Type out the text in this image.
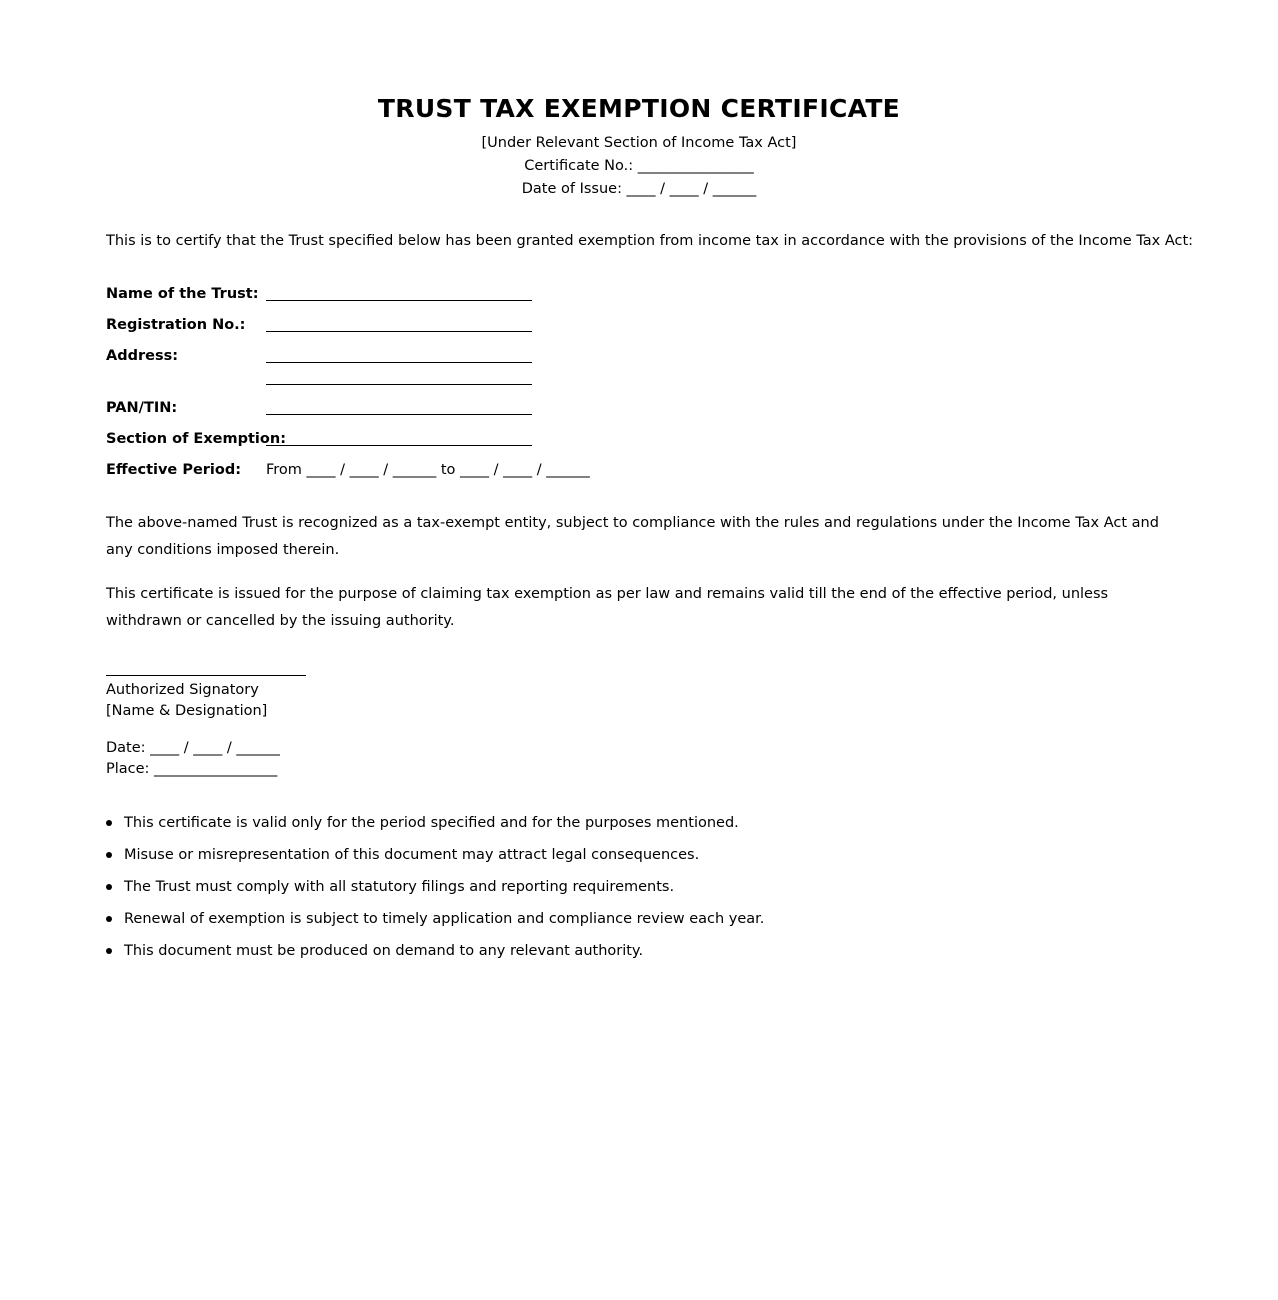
TRUST TAX EXEMPTION CERTIFICATE
[Under Relevant Section of Income Tax Act]
Certificate No.: ________________
Date of Issue: ____ / ____ / ______

This is to certify that the Trust specified below has been granted exemption from income tax in accordance with the provisions of the Income Tax Act:

Name of the Trust:
Registration No.:
Address:
PAN/TIN:
Section of Exemption:
Effective Period: From ____ / ____ / ______ to ____ / ____ / ______

The above-named Trust is recognized as a tax-exempt entity, subject to compliance with the rules and regulations under the Income Tax Act and any conditions imposed therein.

This certificate is issued for the purpose of claiming tax exemption as per law and remains valid till the end of the effective period, unless withdrawn or cancelled by the issuing authority.

Authorized Signatory
[Name & Designation]
Date: ____ / ____ / ______
Place: _________________
This certificate is valid only for the period specified and for the purposes mentioned.
Misuse or misrepresentation of this document may attract legal consequences.
The Trust must comply with all statutory filings and reporting requirements.
Renewal of exemption is subject to timely application and compliance review each year.
This document must be produced on demand to any relevant authority.
